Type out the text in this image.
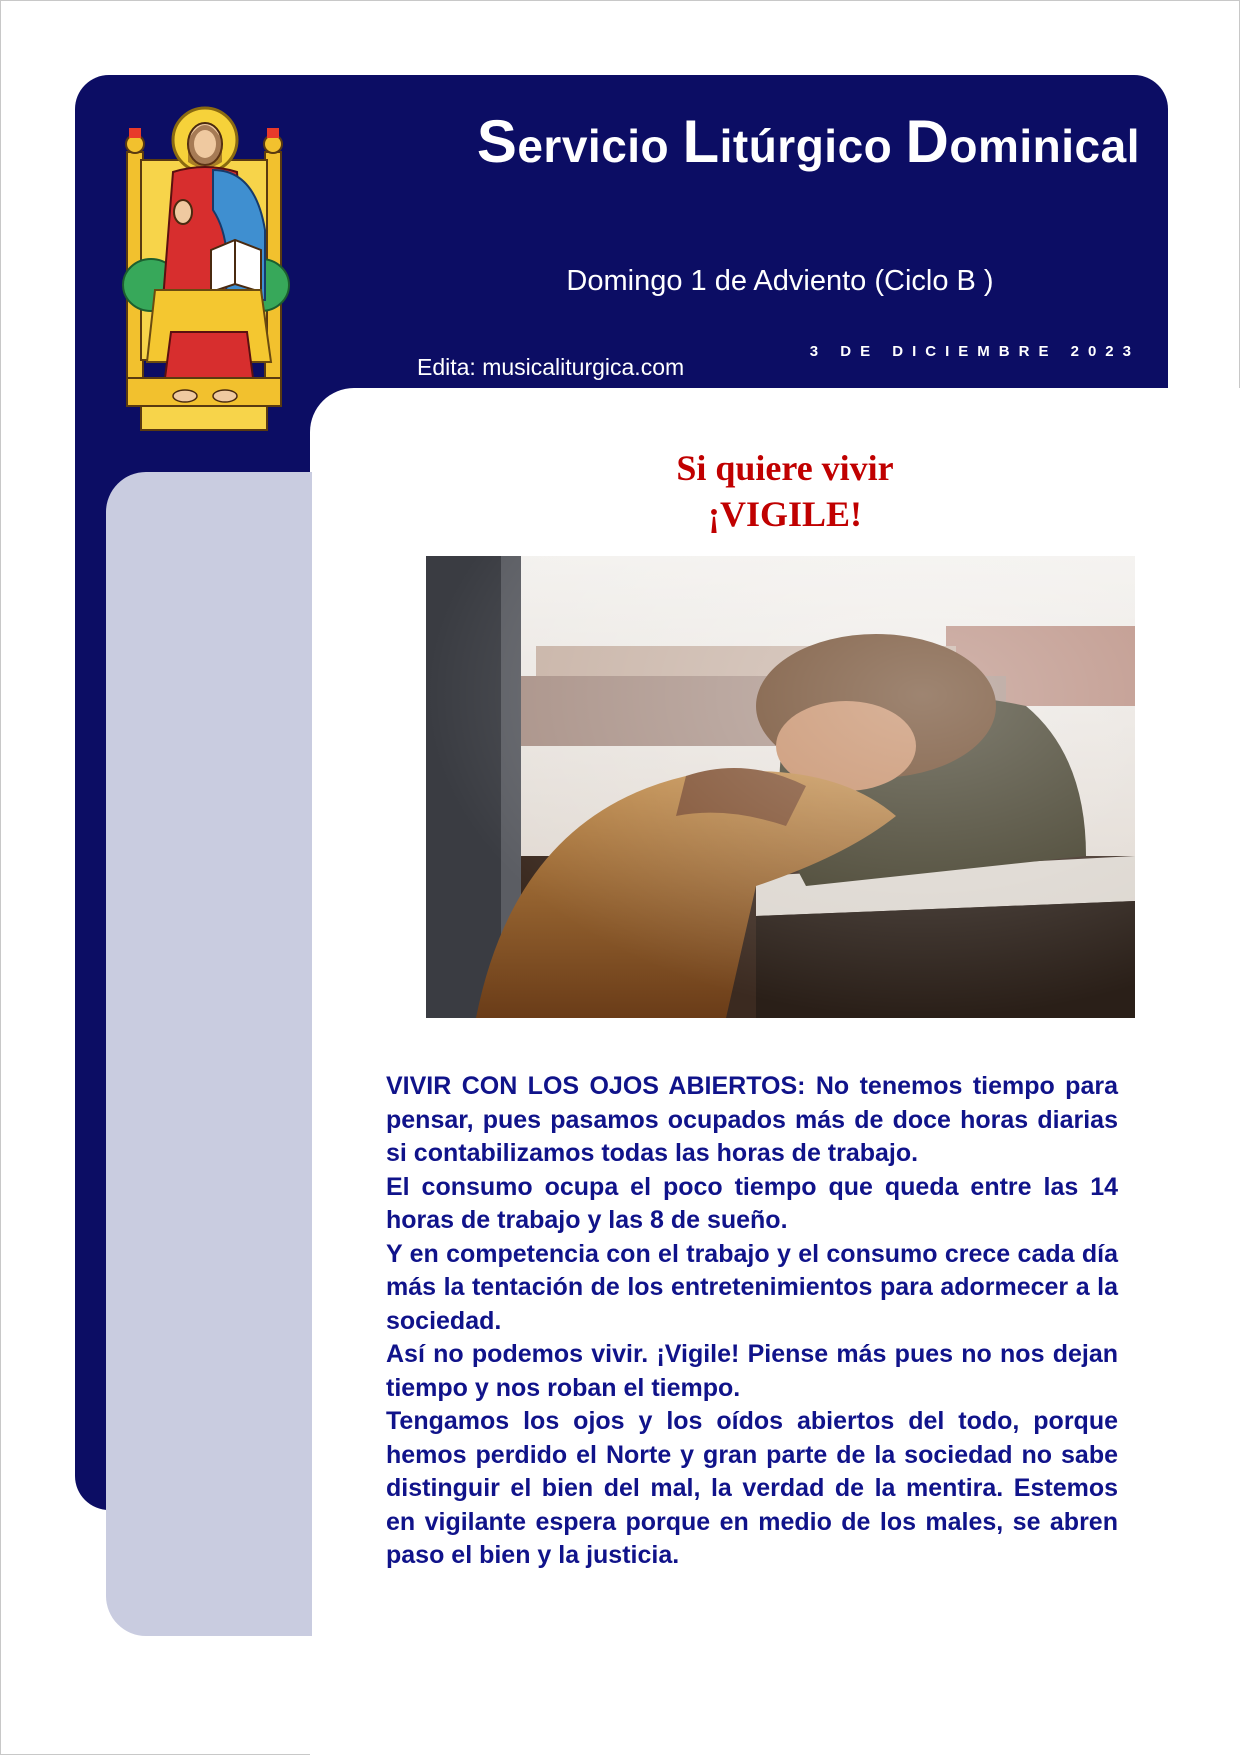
Servicio Litúrgico Dominical
Domingo 1 de Adviento (Ciclo B )
3 DE DICIEMBRE 2023
Edita: musicaliturgica.com
Si quiere vivir
¡VIGILE!

VIVIR CON LOS OJOS ABIERTOS: No tenemos tiempo para pensar, pues pasamos ocupados más de doce horas diarias si contabilizamos todas las horas de trabajo.

El consumo ocupa el poco tiempo que queda entre las 14 horas de trabajo y las 8 de sueño.

Y en competencia con el trabajo y el consumo crece cada día más la tentación de los entretenimientos para adormecer a la sociedad.

Así no podemos vivir. ¡Vigile! Piense más pues no nos dejan tiempo y nos roban el tiempo.

Tengamos los ojos y los oídos abiertos del todo, porque hemos perdido el Norte y gran parte de la sociedad no sabe distinguir el bien del mal, la verdad de la mentira. Estemos en vigilante espera porque en medio de los males, se abren paso el bien y la justicia.
